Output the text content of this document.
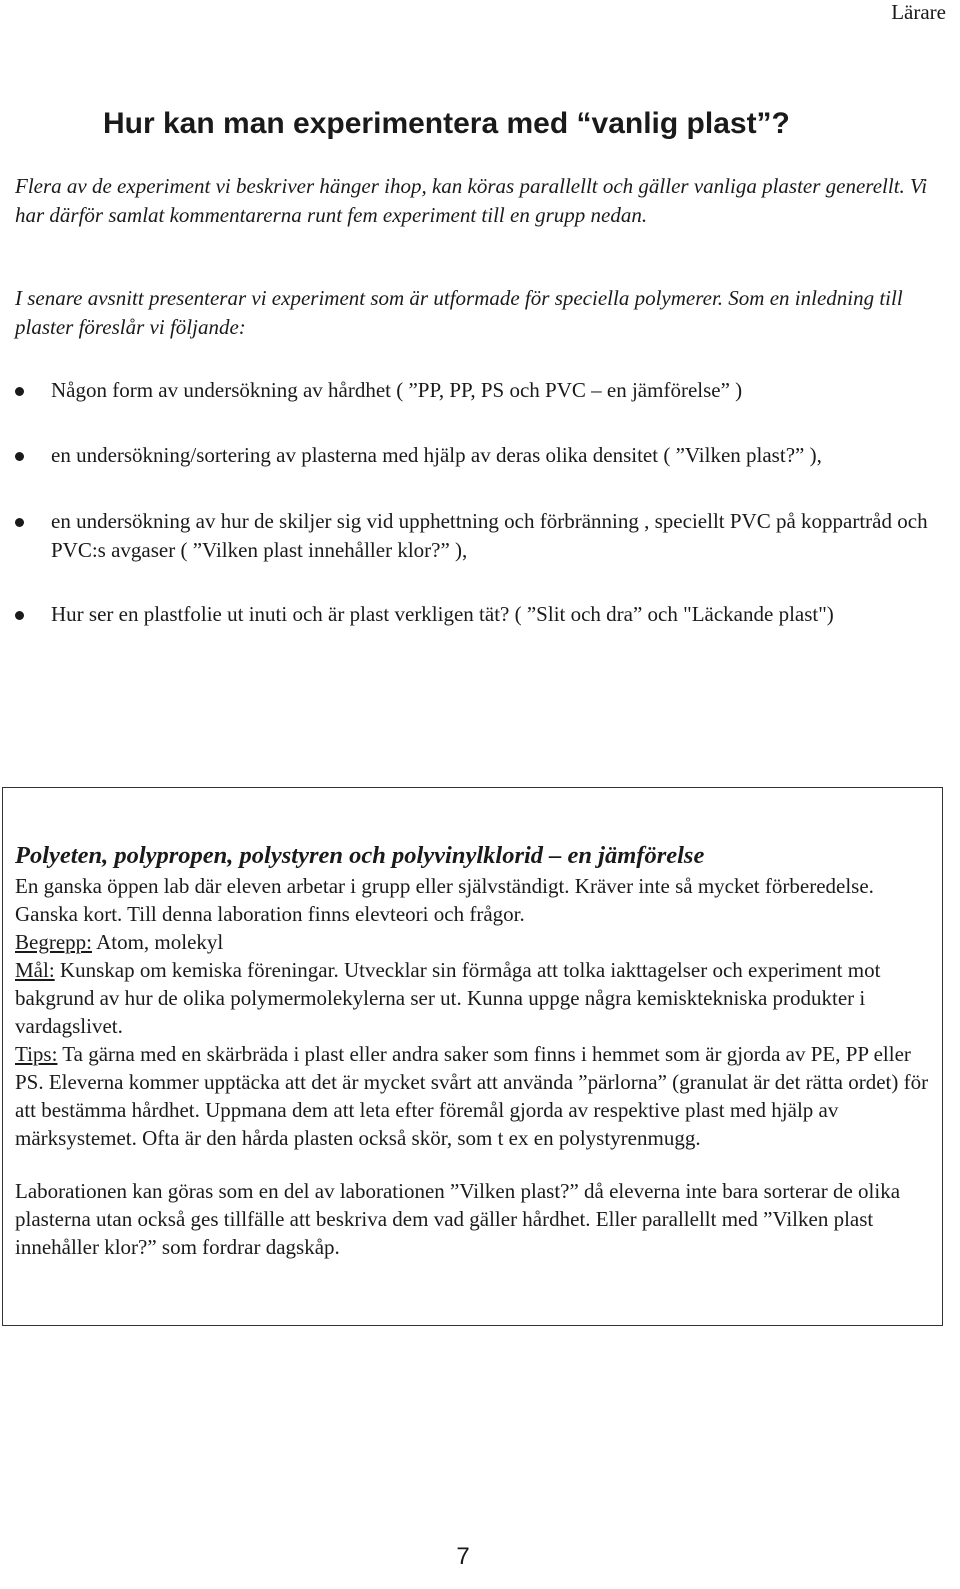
Lärare
Hur kan man experimentera med “vanlig plast”?

Flera av de experiment vi beskriver hänger ihop, kan köras parallellt och gäller vanliga plaster generellt. Vi har därför samlat kommentarerna runt fem experiment till en grupp nedan.

I senare avsnitt presenterar vi experiment som är utformade för speciella polymerer. Som en inledning till plaster föreslår vi följande:

Någon form av undersökning av hårdhet ( ”PP, PP, PS och PVC – en jämförelse” )
en undersökning/sortering av plasterna med hjälp av deras olika densitet ( ”Vilken plast?” ),
en undersökning av hur de skiljer sig vid upphettning och förbränning , speciellt PVC på koppartråd och PVC:s avgaser ( ”Vilken plast innehåller klor?” ),
Hur ser en plastfolie ut inuti och är plast verkligen tät? ( ”Slit och dra” och "Läckande plast")
Polyeten, polypropen, polystyren och polyvinylklorid – en jämförelse

En ganska öppen lab där eleven arbetar i grupp eller självständigt. Kräver inte så mycket förberedelse. Ganska kort. Till denna laboration finns elevteori och frågor.

Begrepp: Atom, molekyl

Mål: Kunskap om kemiska föreningar. Utvecklar sin förmåga att tolka iakttagelser och experiment mot bakgrund av hur de olika polymermolekylerna ser ut. Kunna uppge några kemisktekniska produkter i vardagslivet.

Tips: Ta gärna med en skärbräda i plast eller andra saker som finns i hemmet som är gjorda av PE, PP eller PS. Eleverna kommer upptäcka att det är mycket svårt att använda ”pärlorna” (granulat är det rätta ordet) för att bestämma hårdhet. Uppmana dem att leta efter föremål gjorda av respektive plast med hjälp av märksystemet. Ofta är den hårda plasten också skör, som t ex en polystyrenmugg.

Laborationen kan göras som en del av laborationen ”Vilken plast?” då eleverna inte bara sorterar de olika plasterna utan också ges tillfälle att beskriva dem vad gäller hårdhet. Eller parallellt med ”Vilken plast innehåller klor?” som fordrar dagskåp.

7
